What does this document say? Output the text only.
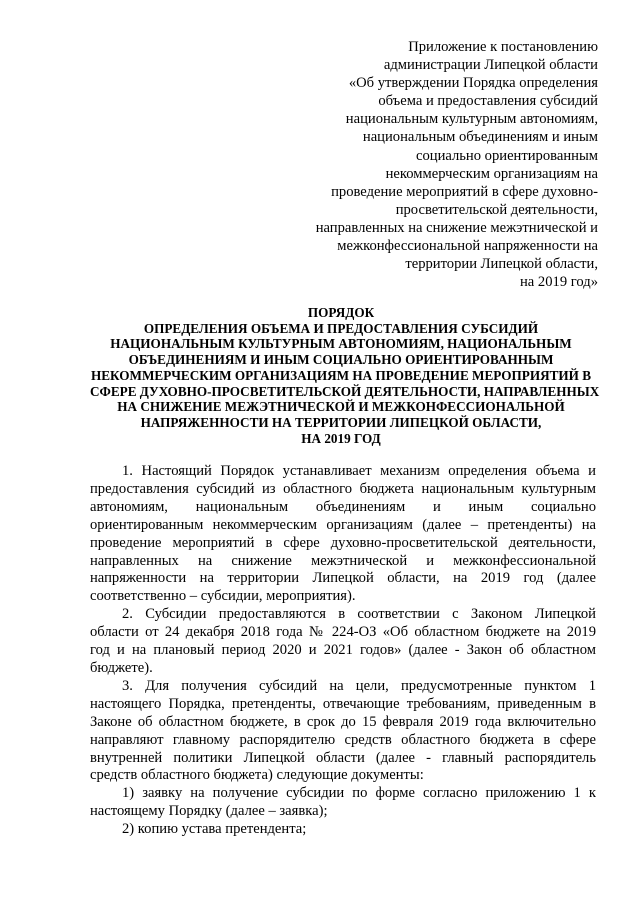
Приложение к постановлению
администрации Липецкой области
«Об утверждении Порядка определения
объема и предоставления субсидий
национальным культурным автономиям,
национальным объединениям и иным
социально ориентированным
некоммерческим организациям на
проведение мероприятий в сфере духовно-
просветительской деятельности,
направленных на снижение межэтнической и
межконфессиональной напряженности на
территории Липецкой области,
на 2019 год»
ПОРЯДОК
ОПРЕДЕЛЕНИЯ ОБЪЕМА И ПРЕДОСТАВЛЕНИЯ СУБСИДИЙ
НАЦИОНАЛЬНЫМ КУЛЬТУРНЫМ АВТОНОМИЯМ, НАЦИОНАЛЬНЫМ
ОБЪЕДИНЕНИЯМ И ИНЫМ СОЦИАЛЬНО ОРИЕНТИРОВАННЫМ
НЕКОММЕРЧЕСКИМ ОРГАНИЗАЦИЯМ НА ПРОВЕДЕНИЕ МЕРОПРИЯТИЙ В
СФЕРЕ ДУХОВНО-ПРОСВЕТИТЕЛЬСКОЙ ДЕЯТЕЛЬНОСТИ, НАПРАВЛЕННЫХ
НА СНИЖЕНИЕ МЕЖЭТНИЧЕСКОЙ И МЕЖКОНФЕССИОНАЛЬНОЙ
НАПРЯЖЕННОСТИ НА ТЕРРИТОРИИ ЛИПЕЦКОЙ ОБЛАСТИ,
НА 2019 ГОД
1. Настоящий Порядок устанавливает механизм определения объема и
предоставления субсидий из областного бюджета национальным культурным
автономиям, национальным объединениям и иным социально
ориентированным некоммерческим организациям (далее – претенденты) на
проведение мероприятий в сфере духовно-просветительской деятельности,
направленных на снижение межэтнической и межконфессиональной
напряженности на территории Липецкой области, на 2019 год (далее
соответственно – субсидии, мероприятия).
2. Субсидии предоставляются в соответствии с Законом Липецкой
области от 24 декабря 2018 года № 224-ОЗ «Об областном бюджете на 2019
год и на плановый период 2020 и 2021 годов» (далее - Закон об областном
бюджете).
3. Для получения субсидий на цели, предусмотренные пунктом 1
настоящего Порядка, претенденты, отвечающие требованиям, приведенным в
Законе об областном бюджете, в срок до 15 февраля 2019 года включительно
направляют главному распорядителю средств областного бюджета в сфере
внутренней политики Липецкой области (далее - главный распорядитель
средств областного бюджета) следующие документы:
1) заявку на получение субсидии по форме согласно приложению 1 к
настоящему Порядку (далее – заявка);
2) копию устава претендента;
